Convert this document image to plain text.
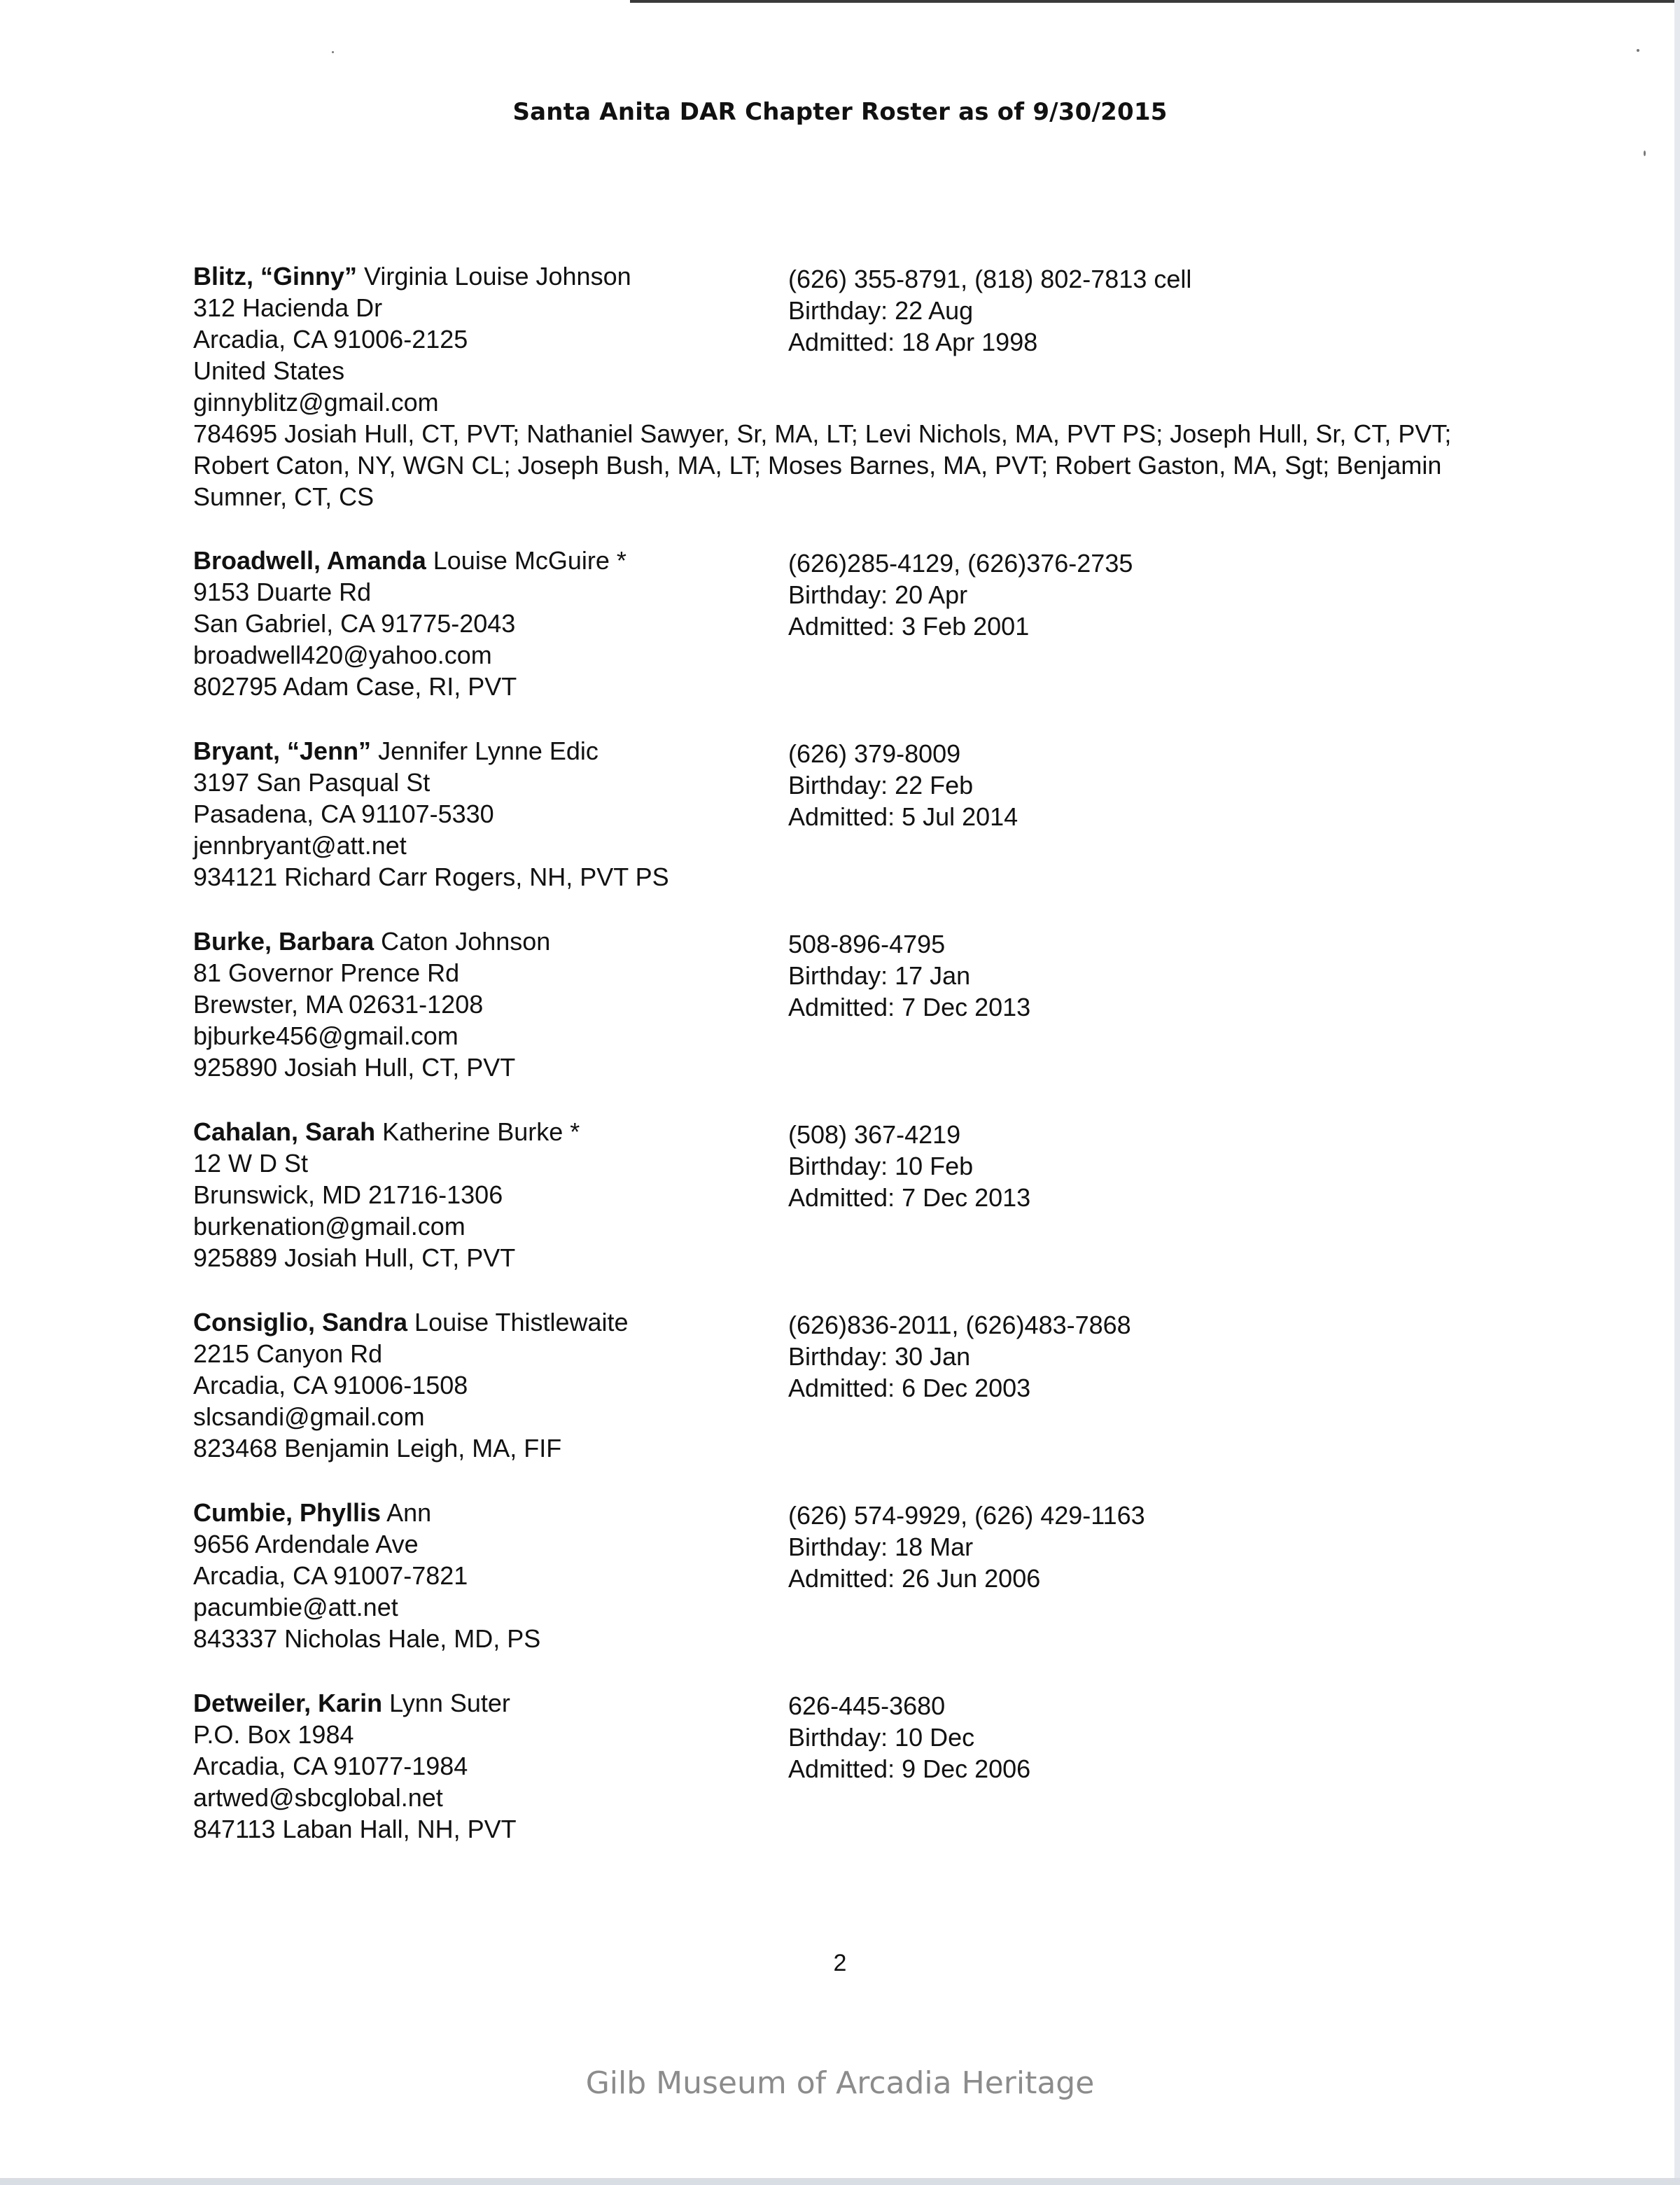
Santa Anita DAR Chapter Roster as of 9/30/2015
Blitz, “Ginny” Virginia Louise Johnson
312 Hacienda Dr
Arcadia, CA 91006-2125
United States
ginnyblitz@gmail.com
(626) 355-8791, (818) 802-7813 cell
Birthday: 22 Aug
Admitted: 18 Apr 1998
784695 Josiah Hull, CT, PVT; Nathaniel Sawyer, Sr, MA, LT; Levi Nichols, MA, PVT PS; Joseph Hull, Sr, CT, PVT; Robert Caton, NY, WGN CL; Joseph Bush, MA, LT; Moses Barnes, MA, PVT; Robert Gaston, MA, Sgt; Benjamin Sumner, CT, CS
Broadwell, Amanda Louise McGuire *
9153 Duarte Rd
San Gabriel, CA 91775-2043
broadwell420@yahoo.com
802795 Adam Case, RI, PVT
(626)285-4129, (626)376-2735
Birthday: 20 Apr
Admitted: 3 Feb 2001
Bryant, “Jenn” Jennifer Lynne Edic
3197 San Pasqual St
Pasadena, CA 91107-5330
jennbryant@att.net
934121 Richard Carr Rogers, NH, PVT PS
(626) 379-8009
Birthday: 22 Feb
Admitted: 5 Jul 2014
Burke, Barbara Caton Johnson
81 Governor Prence Rd
Brewster, MA 02631-1208
bjburke456@gmail.com
925890 Josiah Hull, CT, PVT
508-896-4795
Birthday: 17 Jan
Admitted: 7 Dec 2013
Cahalan, Sarah Katherine Burke *
12 W D St
Brunswick, MD 21716-1306
burkenation@gmail.com
925889 Josiah Hull, CT, PVT
(508) 367-4219
Birthday: 10 Feb
Admitted: 7 Dec 2013
Consiglio, Sandra Louise Thistlewaite
2215 Canyon Rd
Arcadia, CA 91006-1508
slcsandi@gmail.com
823468 Benjamin Leigh, MA, FIF
(626)836-2011, (626)483-7868
Birthday: 30 Jan
Admitted: 6 Dec 2003
Cumbie, Phyllis Ann
9656 Ardendale Ave
Arcadia, CA 91007-7821
pacumbie@att.net
843337 Nicholas Hale, MD, PS
(626) 574-9929, (626) 429-1163
Birthday: 18 Mar
Admitted: 26 Jun 2006
Detweiler, Karin Lynn Suter
P.O. Box 1984
Arcadia, CA 91077-1984
artwed@sbcglobal.net
847113 Laban Hall, NH, PVT
626-445-3680
Birthday: 10 Dec
Admitted: 9 Dec 2006
2
Gilb Museum of Arcadia Heritage
